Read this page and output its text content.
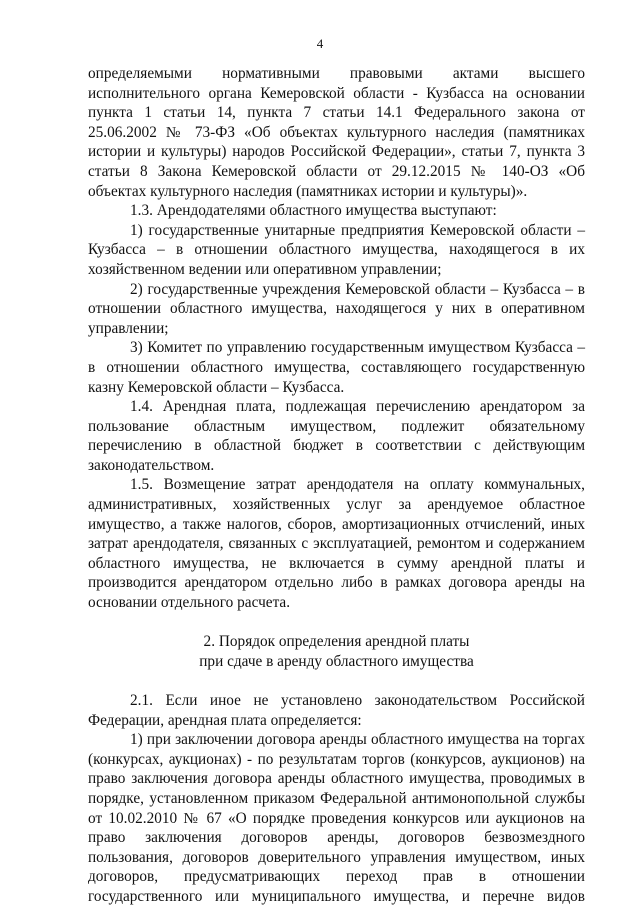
4
определяемыми нормативными правовыми актами высшего
исполнительного органа Кемеровской области - Кузбасса на основании
пункта 1 статьи 14, пункта 7 статьи 14.1 Федерального закона от
25.06.2002 № 73-ФЗ «Об объектах культурного наследия (памятниках
истории и культуры) народов Российской Федерации», статьи 7, пункта 3
статьи 8 Закона Кемеровской области от 29.12.2015 № 140-ОЗ «Об
объектах культурного наследия (памятниках истории и культуры)».
1.3. Арендодателями областного имущества выступают:
1) государственные унитарные предприятия Кемеровской области –
Кузбасса – в отношении областного имущества, находящегося в их
хозяйственном ведении или оперативном управлении;
2) государственные учреждения Кемеровской области – Кузбасса – в
отношении областного имущества, находящегося у них в оперативном
управлении;
3) Комитет по управлению государственным имуществом Кузбасса –
в отношении областного имущества, составляющего государственную
казну Кемеровской области – Кузбасса.
1.4. Арендная плата, подлежащая перечислению арендатором за
пользование областным имуществом, подлежит обязательному
перечислению в областной бюджет в соответствии с действующим
законодательством.
1.5. Возмещение затрат арендодателя на оплату коммунальных,
административных, хозяйственных услуг за арендуемое областное
имущество, а также налогов, сборов, амортизационных отчислений, иных
затрат арендодателя, связанных с эксплуатацией, ремонтом и содержанием
областного имущества, не включается в сумму арендной платы и
производится арендатором отдельно либо в рамках договора аренды на
основании отдельного расчета.
2. Порядок определения арендной платы
при сдаче в аренду областного имущества
2.1. Если иное не установлено законодательством Российской
Федерации, арендная плата определяется:
1) при заключении договора аренды областного имущества на торгах
(конкурсах, аукционах) - по результатам торгов (конкурсов, аукционов) на
право заключения договора аренды областного имущества, проводимых в
порядке, установленном приказом Федеральной антимонопольной службы
от 10.02.2010 № 67 «О порядке проведения конкурсов или аукционов на
право заключения договоров аренды, договоров безвозмездного
пользования, договоров доверительного управления имуществом, иных
договоров, предусматривающих переход прав в отношении
государственного или муниципального имущества, и перечне видов
